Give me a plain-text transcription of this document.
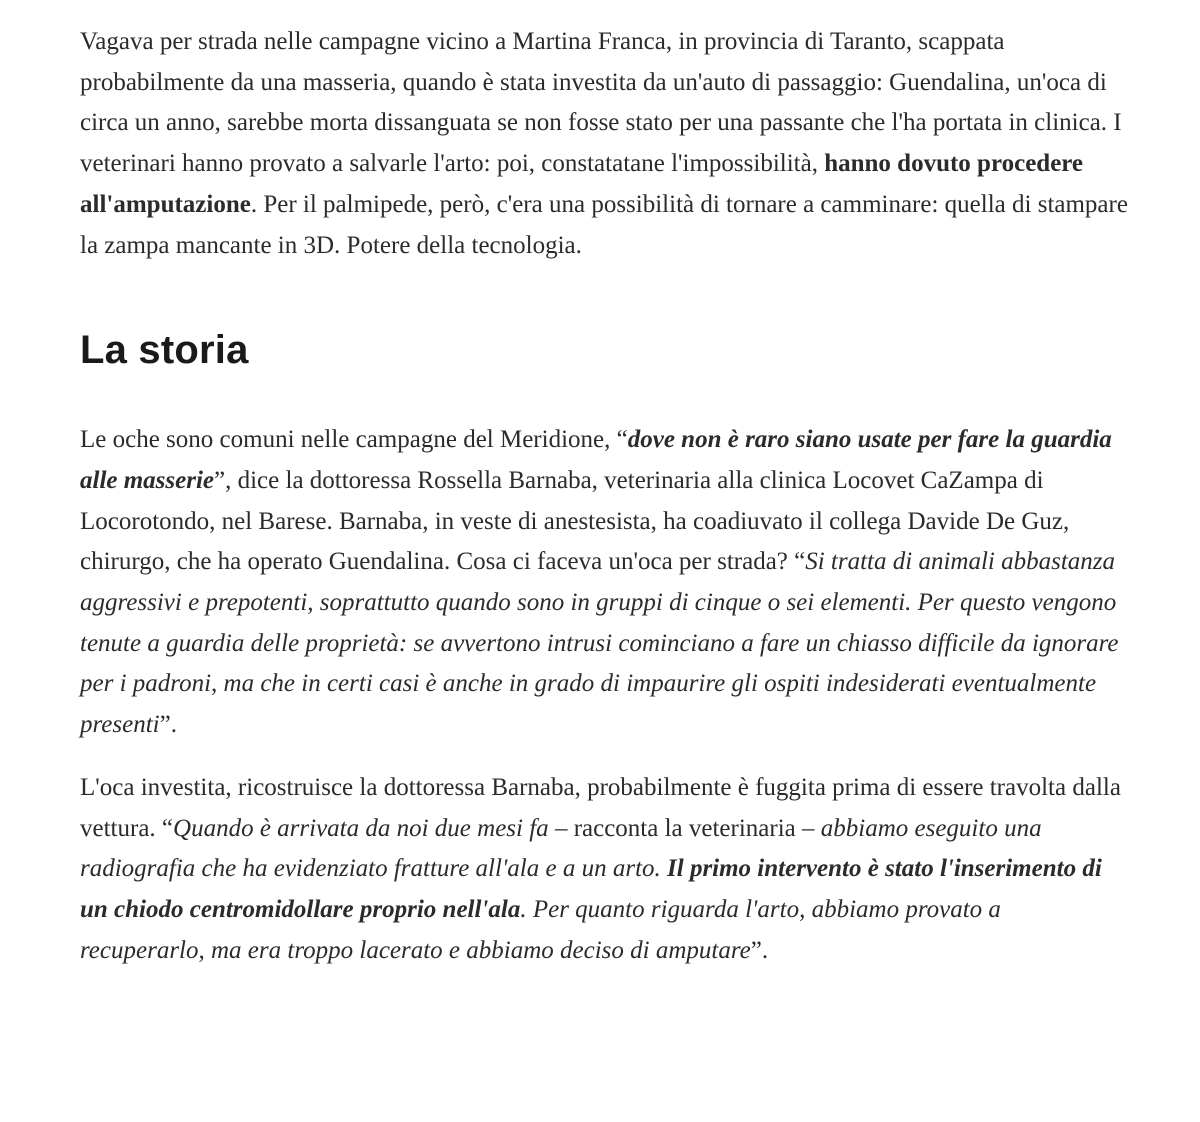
Vagava per strada nelle campagne vicino a Martina Franca, in provincia di Taranto, scappata probabilmente da una masseria, quando è stata investita da un'auto di passaggio: Guendalina, un'oca di circa un anno, sarebbe morta dissanguata se non fosse stato per una passante che l'ha portata in clinica. I veterinari hanno provato a salvarle l'arto: poi, constatatane l'impossibilità, hanno dovuto procedere all'amputazione. Per il palmipede, però, c'era una possibilità di tornare a camminare: quella di stampare la zampa mancante in 3D. Potere della tecnologia.

La storia

Le oche sono comuni nelle campagne del Meridione, “dove non è raro siano usate per fare la guardia alle masserie”, dice la dottoressa Rossella Barnaba, veterinaria alla clinica Locovet CaZampa di Locorotondo, nel Barese. Barnaba, in veste di anestesista, ha coadiuvato il collega Davide De Guz, chirurgo, che ha operato Guendalina. Cosa ci faceva un'oca per strada? “Si tratta di animali abbastanza aggressivi e prepotenti, soprattutto quando sono in gruppi di cinque o sei elementi. Per questo vengono tenute a guardia delle proprietà: se avvertono intrusi cominciano a fare un chiasso difficile da ignorare per i padroni, ma che in certi casi è anche in grado di impaurire gli ospiti indesiderati eventualmente presenti”.

L'oca investita, ricostruisce la dottoressa Barnaba, probabilmente è fuggita prima di essere travolta dalla vettura. “Quando è arrivata da noi due mesi fa – racconta la veterinaria – abbiamo eseguito una radiografia che ha evidenziato fratture all'ala e a un arto. Il primo intervento è stato l'inserimento di un chiodo centromidollare proprio nell'ala. Per quanto riguarda l'arto, abbiamo provato a recuperarlo, ma era troppo lacerato e abbiamo deciso di amputare”.
